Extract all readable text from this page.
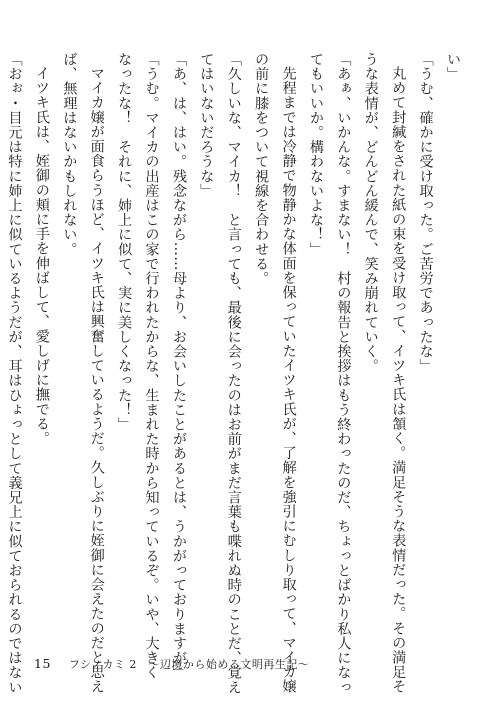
い」
「うむ、確かに受け取った。ご苦労であったな」
丸めて封緘をされた紙の束を受け取って、イツキ氏は頷く。満足そうな表情だった。その満足そ
うな表情が、どんどん緩んで、笑み崩れていく。
「あぁ、いかんな。すまない！　村の報告と挨拶はもう終わったのだ、ちょっとばかり私人になっ
てもいいか。構わないよな！」
先程までは冷静で物静かな体面を保っていたイツキ氏が、了解を強引にむしり取って、マイカ嬢
の前に膝をついて視線を合わせる。
「久しいな、マイカ！　と言っても、最後に会ったのはお前がまだ言葉も喋れぬ時のことだ、覚え
てはいないだろうな」
「あ、は、はい。残念ながら……母より、お会いしたことがあるとは、うかがっておりますが」
「うむ。マイカの出産はこの家で行われたからな、生まれた時から知っているぞ。いや、大きく
なったな！　それに、姉上に似て、実に美しくなった！」
マイカ嬢が面食らうほど、イツキ氏は興奮しているようだ。久しぶりに姪御に会えたのだと思え
ば、無理はないかもしれない。
イツキ氏は、姪御の頬に手を伸ばして、愛しげに撫でる。
「おぉ・目元は特に姉上に似ているようだが、耳はひょっとして義兄上に似ておられるのではない 15 フシノカミ 2　～辺境から始める文明再生記～
